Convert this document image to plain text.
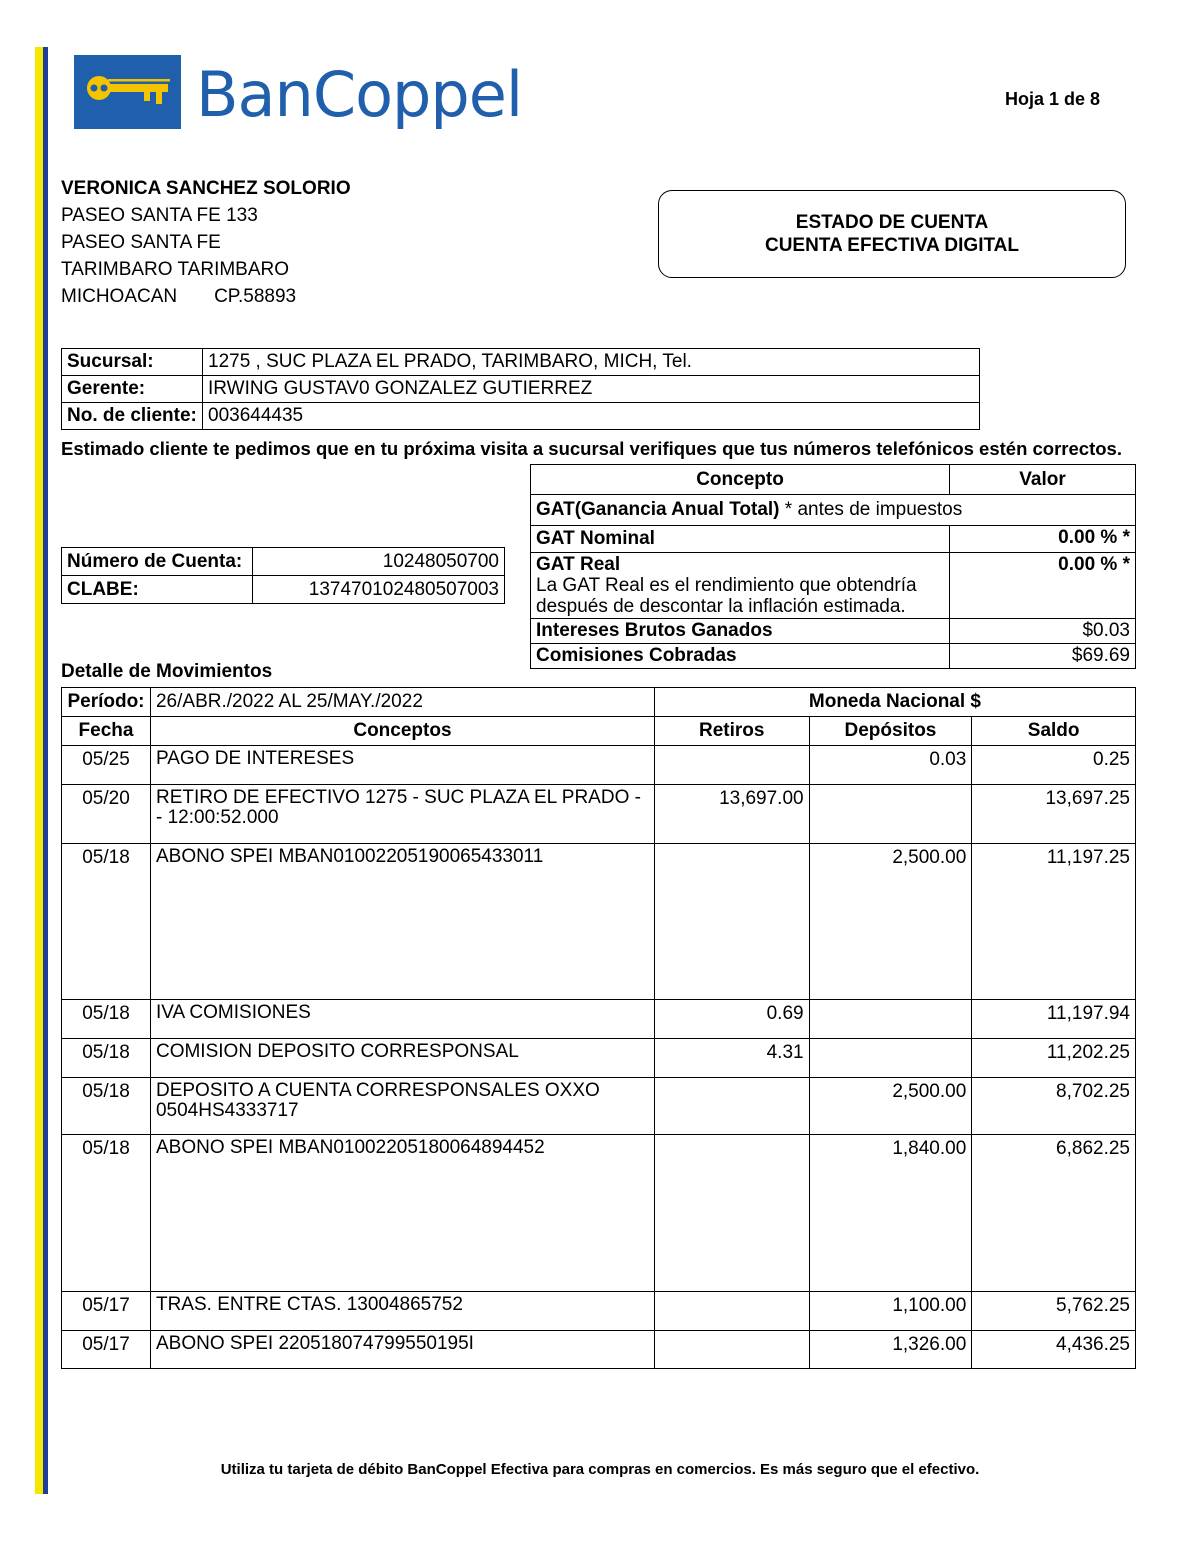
BanCoppel	Hoja 1 de 8
VERONICA SANCHEZ SOLORIO
PASEO SANTA FE 133
PASEO SANTA FE
TARIMBARO TARIMBARO
MICHOACAN       CP.58893
ESTADO DE CUENTA
CUENTA EFECTIVA DIGITAL
Sucursal:	1275 , SUC PLAZA EL PRADO, TARIMBARO, MICH, Tel.
Gerente:	IRWING GUSTAV0 GONZALEZ GUTIERREZ
No. de cliente:	003644435
Estimado cliente te pedimos que en tu próxima visita a sucursal verifiques que tus números telefónicos estén correctos.
Concepto	Valor
GAT(Ganancia Anual Total) * antes de impuestos	
GAT Nominal	0.00 % *

GAT Real
La GAT Real es el rendimiento que obtendría después de descontar la inflación estimada.	0.00 % *
Intereses Brutos Ganados	$0.03
Comisiones Cobradas	$69.69
Número de Cuenta:	10248050700
CLABE:	137470102480507003
Detalle de Movimientos
Período:	26/ABR./2022 AL 25/MAY./2022	Moneda Nacional $		
Fecha	Conceptos	Retiros	Depósitos	Saldo
05/25	PAGO DE INTERESES		0.03	0.25
05/20	RETIRO DE EFECTIVO 1275 - SUC PLAZA EL PRADO - - 12:00:52.000	13,697.00		13,697.25
05/18	ABONO SPEI MBAN01002205190065433011		2,500.00	11,197.25
05/18	IVA COMISIONES	0.69		11,197.94
05/18	COMISION DEPOSITO CORRESPONSAL	4.31		11,202.25
05/18	DEPOSITO A CUENTA CORRESPONSALES OXXO 0504HS4333717		2,500.00	8,702.25
05/18	ABONO SPEI MBAN01002205180064894452		1,840.00	6,862.25
05/17	TRAS. ENTRE CTAS. 13004865752		1,100.00	5,762.25
05/17	ABONO SPEI 220518074799550195I		1,326.00	4,436.25
Utiliza tu tarjeta de débito BanCoppel Efectiva para compras en comercios. Es más seguro que el efectivo.
